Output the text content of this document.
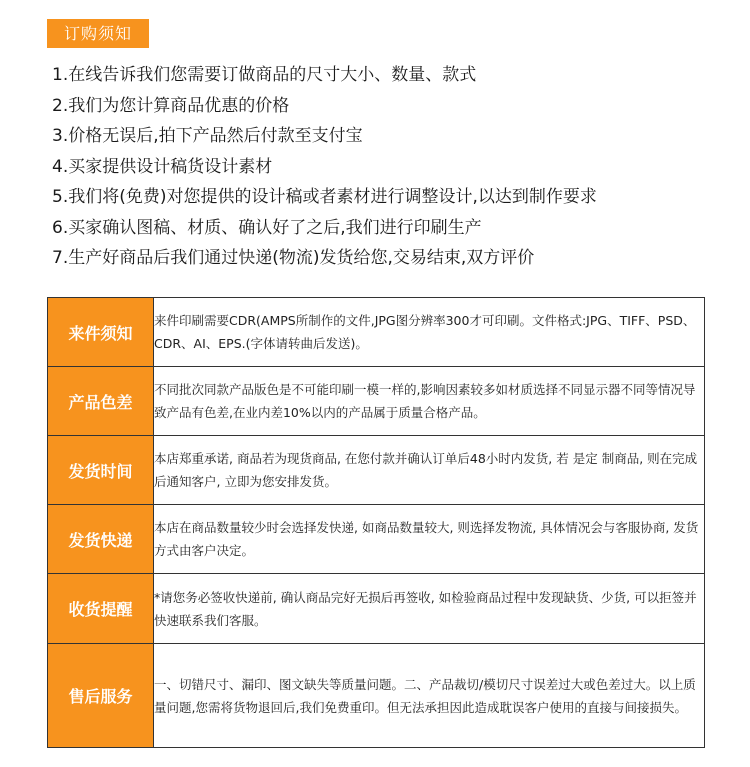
订购须知
1.在线告诉我们您需要订做商品的尺寸大小、数量、款式
2.我们为您计算商品优惠的价格
3.价格无误后,拍下产品然后付款至支付宝
4.买家提供设计稿货设计素材
5.我们将(免费)对您提供的设计稿或者素材进行调整设计,以达到制作要求
6.买家确认图稿、材质、确认好了之后,我们进行印刷生产
7.生产好商品后我们通过快递(物流)发货给您,交易结束,双方评价
来件须知	来件印刷需要CDR(AMPS所制作的文件,JPG图分辨率300才可印刷。文件格式:JPG、TIFF、PSD、CDR、AI、EPS.(字体请转曲后发送)。
产品色差	不同批次同款产品版色是不可能印刷一模一样的,影响因素较多如材质选择不同显示器不同等情况导致产品有色差,在业内差10%以内的产品属于质量合格产品。
发货时间	本店郑重承诺, 商品若为现货商品, 在您付款并确认订单后48小时内发货, 若 是定 制商品, 则在完成后通知客户, 立即为您安排发货。
发货快递	本店在商品数量较少时会选择发快递, 如商品数量较大, 则选择发物流, 具体情况会与客服协商, 发货方式由客户决定。
收货提醒	*请您务必签收快递前, 确认商品完好无损后再签收, 如检验商品过程中发现缺货、少货, 可以拒签并快速联系我们客服。
售后服务	一、切错尺寸、漏印、图文缺失等质量问题。二、产品裁切/模切尺寸误差过大或色差过大。以上质量问题,您需将货物退回后,我们免费重印。但无法承担因此造成耽误客户使用的直接与间接损失。
